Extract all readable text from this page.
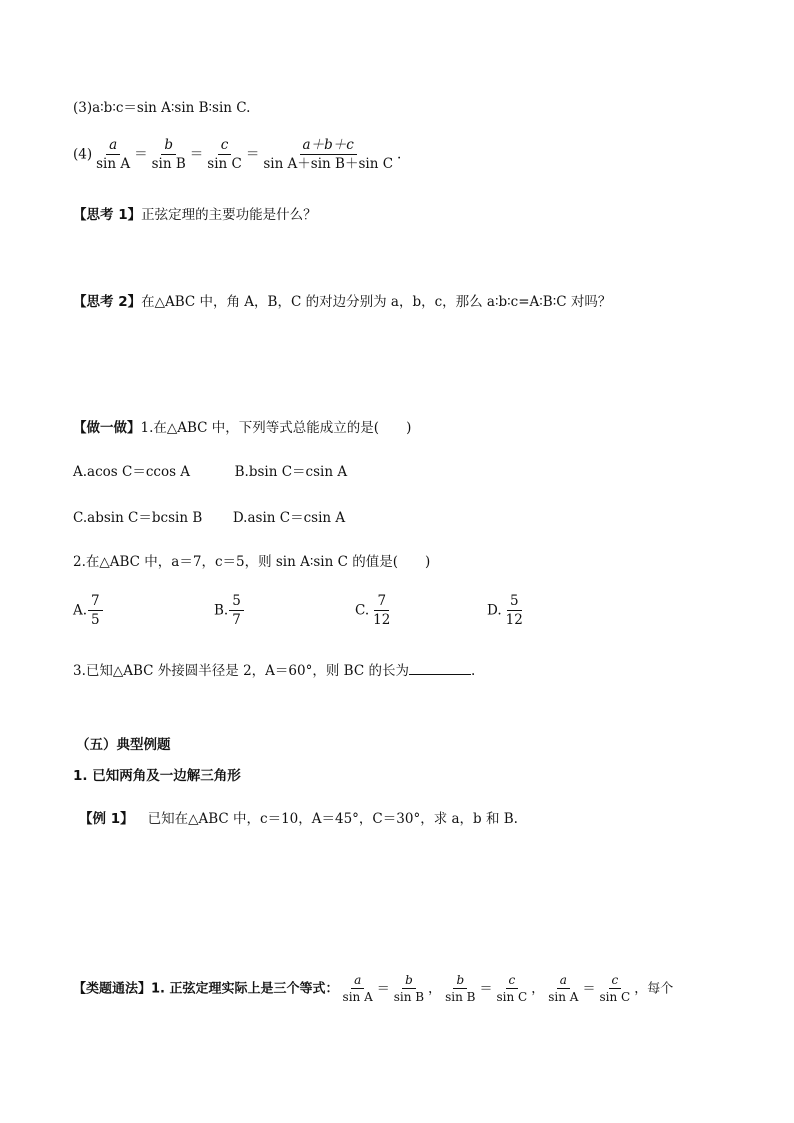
(3)a∶b∶c＝sin A∶sin B∶sin C.
$(4) \frac{a}{\text{sin A}} = \frac{b}{\text{sin B}} = \frac{c}{\text{sin C}} = \frac{a+b+c}{\text{sin A＋sin B＋sin C}}$ .
【思考 1】正弦定理的主要功能是什么？
【思考 2】在△ABC 中，角 A，B，C 的对边分别为 a，b，c，那么 a∶b∶c=A∶B∶C 对吗？
【做一做】1.在△ABC 中，下列等式总能成立的是(　　)
A.acos C＝ccos A	B.bsin C＝csin A
C.absin C＝bcsin B D.asin C＝csin A
2.在△ABC 中，a＝7，c＝5，则 sin A∶sin C 的值是(　　)
A. $\frac{7}{5}$	B. $\frac{5}{7}$	C. $\frac{7}{12}$	D. $\frac{5}{12}$
3.已知△ABC 外接圆半径是 2，A＝60°，则 BC 的长为	.
（五）典型例题
1. 已知两角及一边解三角形
【例 1】 已知在△ABC 中，c＝10，A＝45°，C＝30°，求 a，b 和 B.
【类题通法】1. 正弦定理实际上是三个等式： $\frac{a}{\text{sin A}} = \frac{b}{\text{sin B}}$ ， $\frac{b}{\text{sin B}} = \frac{c}{\text{sin C}}$ ， $\frac{a}{\text{sin A}} = \frac{c}{\text{sin C}}$ ，每个
